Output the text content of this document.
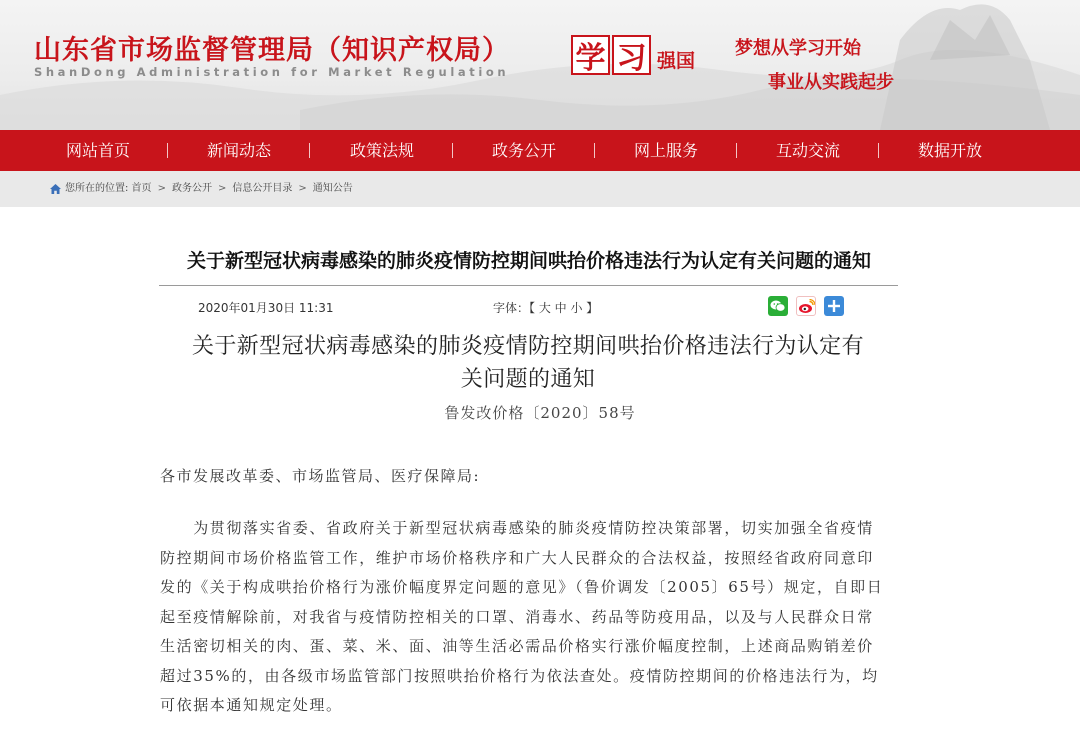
山东省市场监督管理局（知识产权局）
ShanDong Administration for Market Regulation 学 习 强国
梦想从学习开始
事业从实践起步
网站首页	新闻动态	政策法规	政务公开	网上服务	互动交流	数据开放
您所在的位置: 首页 > 政务公开 > 信息公开目录 > 通知公告
关于新型冠状病毒感染的肺炎疫情防控期间哄抬价格违法行为认定有关问题的通知
2020年01月30日 11:31	字体：【 大 中 小 】
关于新型冠状病毒感染的肺炎疫情防控期间哄抬价格违法行为认定有
关问题的通知
鲁发改价格〔2020〕58号
各市发展改革委、市场监管局、医疗保障局:
　　为贯彻落实省委、省政府关于新型冠状病毒感染的肺炎疫情防控决策部署，切实加强全省疫情
防控期间市场价格监管工作，维护市场价格秩序和广大人民群众的合法权益，按照经省政府同意印
发的《关于构成哄抬价格行为涨价幅度界定问题的意见》（鲁价调发〔2005〕65号）规定，自即日
起至疫情解除前，对我省与疫情防控相关的口罩、消毒水、药品等防疫用品，以及与人民群众日常
生活密切相关的肉、蛋、菜、米、面、油等生活必需品价格实行涨价幅度控制，上述商品购销差价
超过35%的，由各级市场监管部门按照哄抬价格行为依法查处。疫情防控期间的价格违法行为，均
可依据本通知规定处理。
